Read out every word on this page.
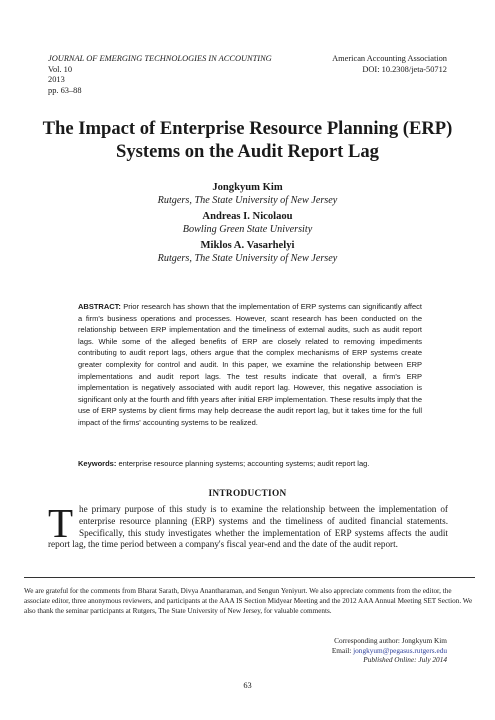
JOURNAL OF EMERGING TECHNOLOGIES IN ACCOUNTING
Vol. 10
2013
pp. 63–88
American Accounting Association
DOI: 10.2308/jeta-50712
The Impact of Enterprise Resource Planning (ERP) Systems on the Audit Report Lag
Jongkyum Kim
Rutgers, The State University of New Jersey
Andreas I. Nicolaou
Bowling Green State University
Miklos A. Vasarhelyi
Rutgers, The State University of New Jersey
ABSTRACT: Prior research has shown that the implementation of ERP systems can significantly affect a firm's business operations and processes. However, scant research has been conducted on the relationship between ERP implementation and the timeliness of external audits, such as audit report lags. While some of the alleged benefits of ERP are closely related to removing impediments contributing to audit report lags, others argue that the complex mechanisms of ERP systems create greater complexity for control and audit. In this paper, we examine the relationship between ERP implementations and audit report lags. The test results indicate that overall, a firm's ERP implementation is negatively associated with audit report lag. However, this negative association is significant only at the fourth and fifth years after initial ERP implementation. These results imply that the use of ERP systems by client firms may help decrease the audit report lag, but it takes time for the full impact of the firms' accounting systems to be realized.
Keywords: enterprise resource planning systems; accounting systems; audit report lag.
INTRODUCTION
The primary purpose of this study is to examine the relationship between the implementation of enterprise resource planning (ERP) systems and the timeliness of audited financial statements. Specifically, this study investigates whether the implementation of ERP systems affects the audit report lag, the time period between a company's fiscal year-end and the date of the audit report.
We are grateful for the comments from Bharat Sarath, Divya Anantharaman, and Sengun Yeniyurt. We also appreciate comments from the editor, the associate editor, three anonymous reviewers, and participants at the AAA IS Section Midyear Meeting and the 2012 AAA Annual Meeting SET Section. We also thank the seminar participants at Rutgers, The State University of New Jersey, for valuable comments.
Corresponding author: Jongkyum Kim
Email: jongkyum@pegasus.rutgers.edu
Published Online: July 2014
63
